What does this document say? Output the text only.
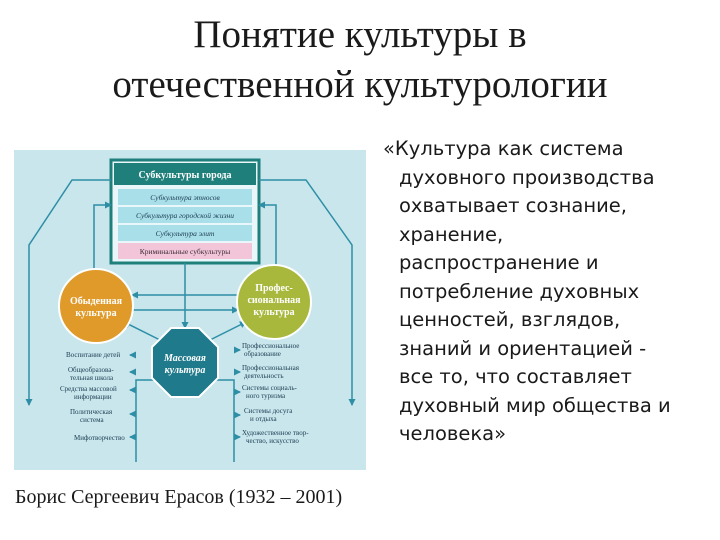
Понятие культуры в
отечественной культурологии
Субкультуры города
Субкультура этносов
Субкультура городской жизни
Субкультура элит
Криминальные субкультуры
Обыденная
культура
Профес-
сиональная
культура
Массовая
культура
Воспитание детей
Общеобразова-
тельная школа
Средства массовой
информации
Политическая
система
Мифотворчество
Профессиональное
образование
Профессиональная
деятельность
Системы социаль-
ного туризма
Системы досуга
и отдыха
Художественное твор-
чество, искусство
«Культура как система
духовного производства
охватывает сознание,
хранение,
распространение и
потребление духовных
ценностей, взглядов,
знаний и ориентацией -
все то, что составляет
духовный мир общества и
человека»
Борис Сергеевич Ерасов (1932 – 2001)
